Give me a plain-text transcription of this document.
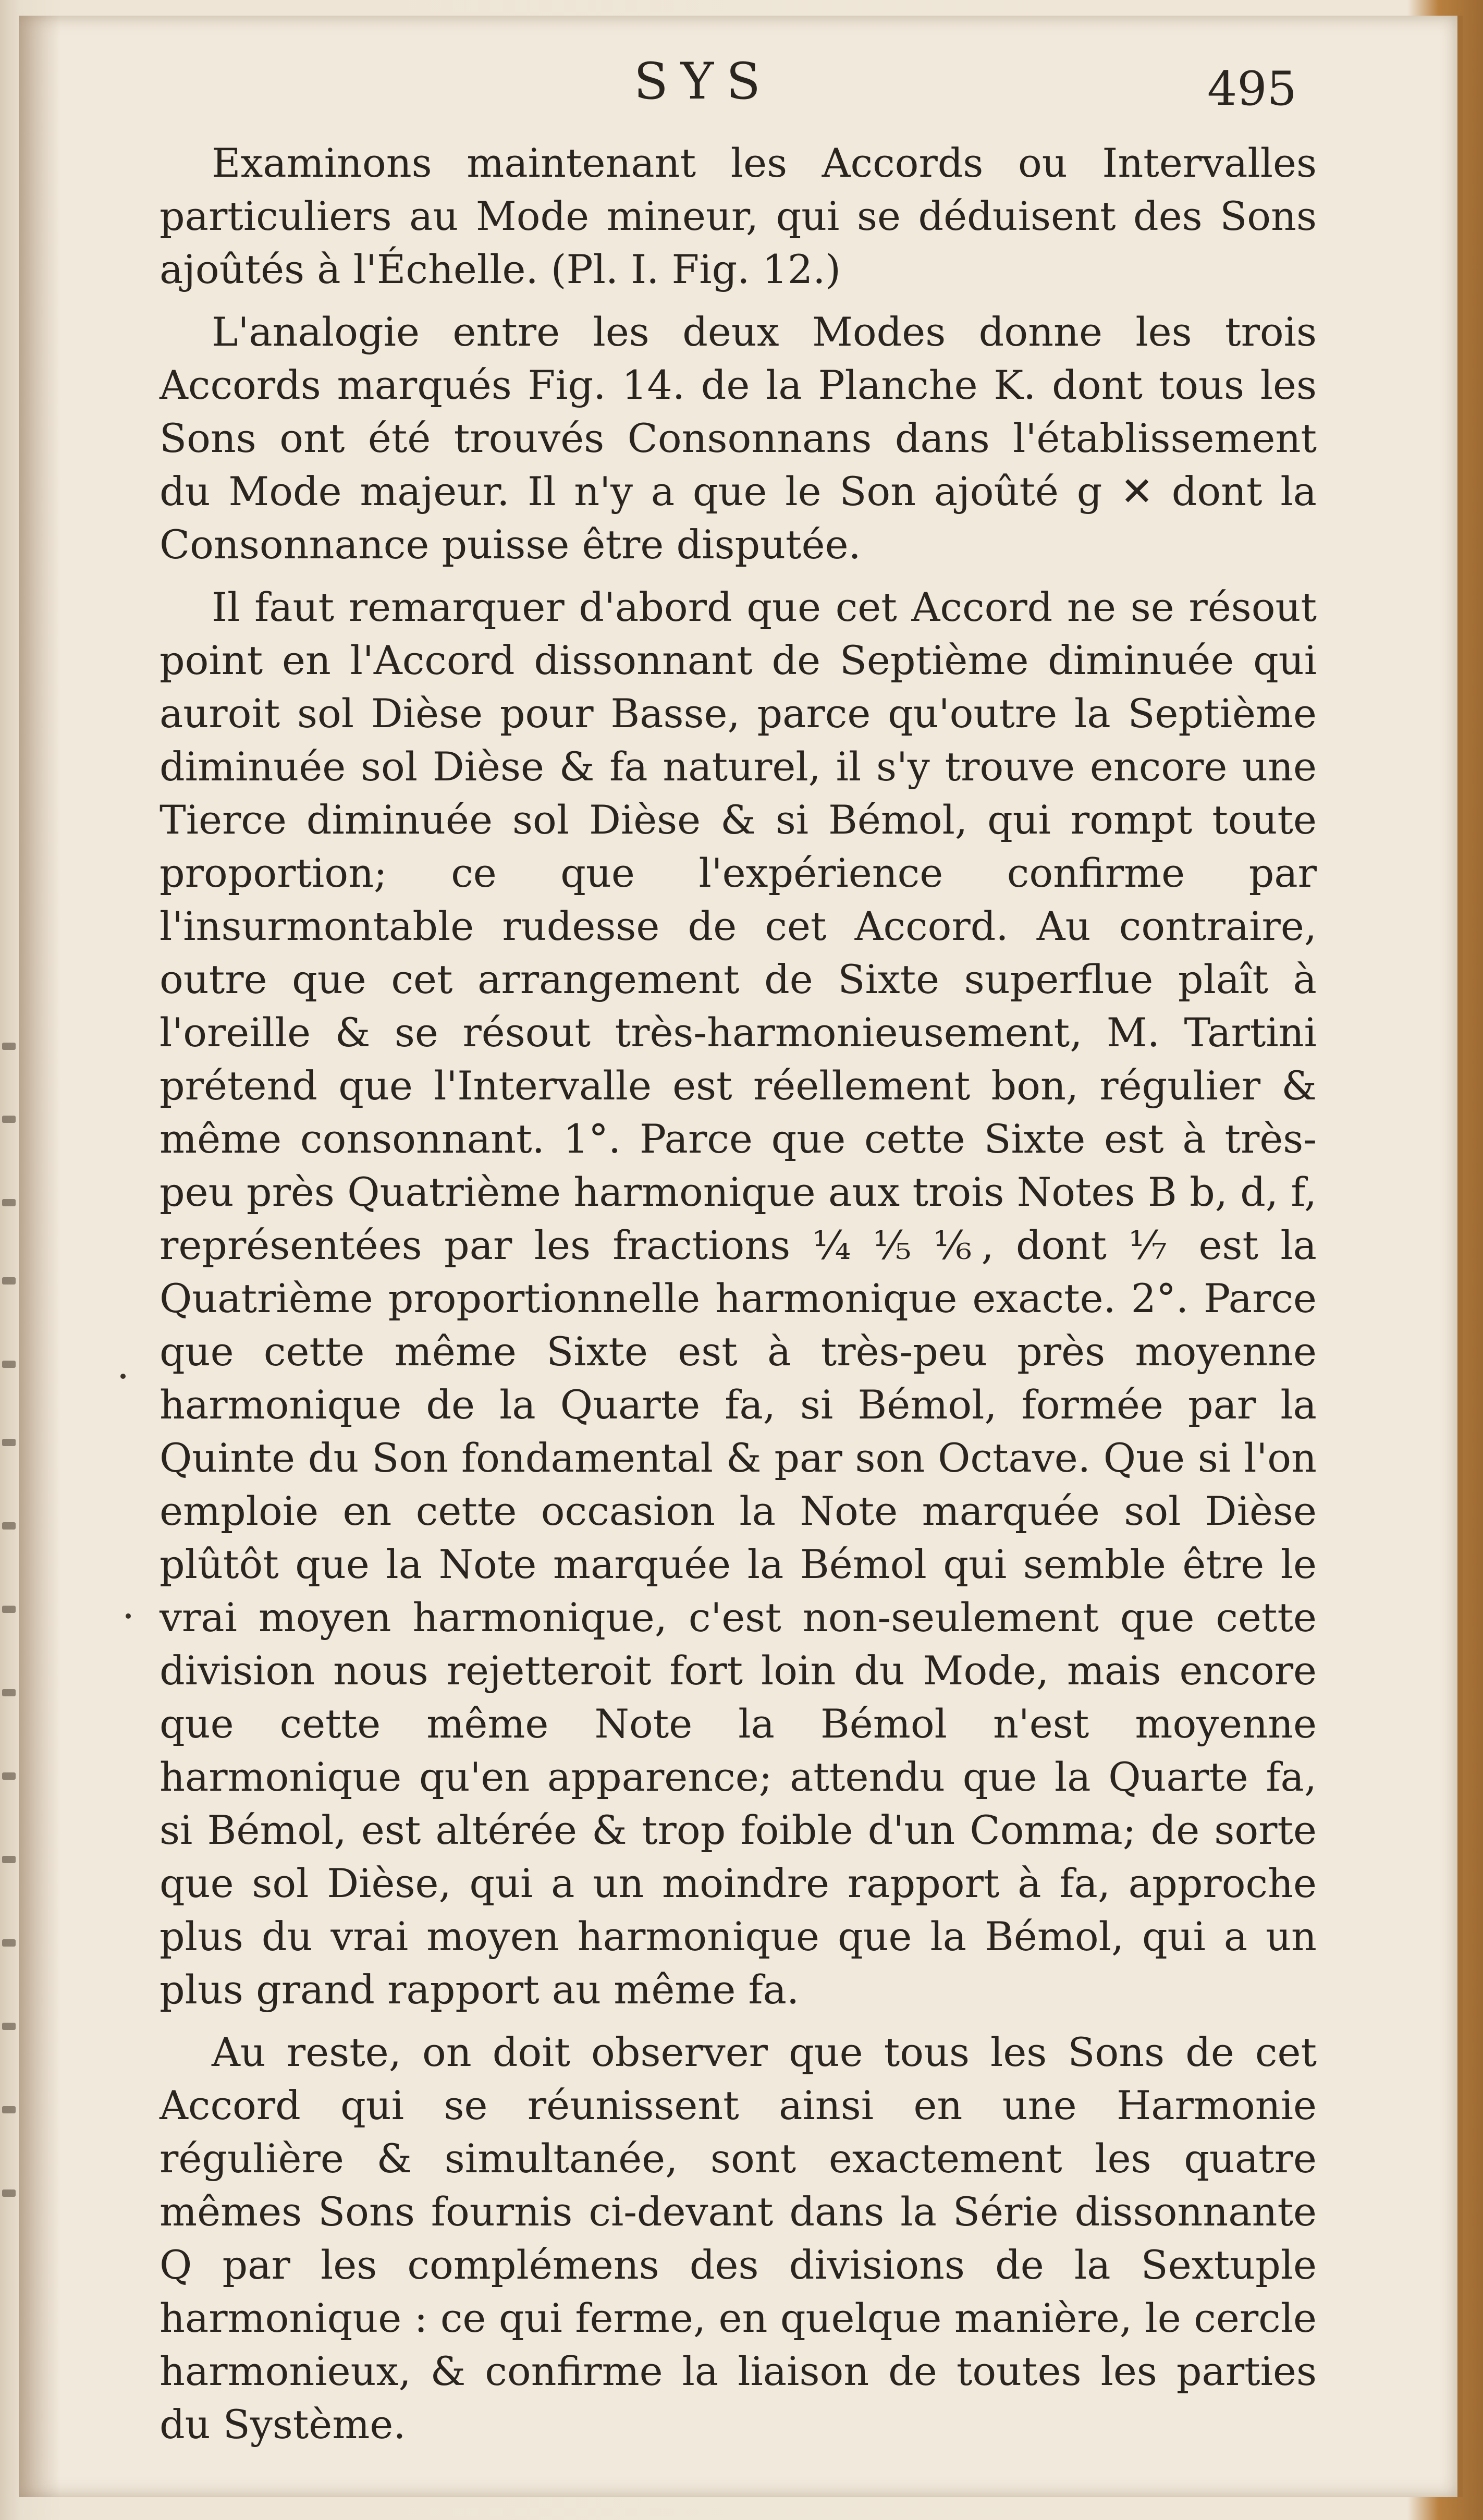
SYS	495

Examinons maintenant les Accords ou Intervalles particuliers au Mode mineur, qui se déduisent des Sons ajoûtés à l'Échelle. (Pl. I. Fig. 12.)

L'analogie entre les deux Modes donne les trois Accords marqués Fig. 14. de la Planche K. dont tous les Sons ont été trouvés Consonnans dans l'établissement du Mode majeur. Il n'y a que le Son ajoûté g ✕ dont la Consonnance puisse être disputée.

Il faut remarquer d'abord que cet Accord ne se résout point en l'Accord dissonnant de Septième diminuée qui auroit sol Dièse pour Basse, parce qu'outre la Septième diminuée sol Dièse & fa naturel, il s'y trouve encore une Tierce diminuée sol Dièse & si Bémol, qui rompt toute proportion; ce que l'expérience confirme par l'insurmontable rudesse de cet Accord. Au contraire, outre que cet arrangement de Sixte superflue plaît à l'oreille & se résout très-harmonieusement, M. Tartini prétend que l'Intervalle est réellement bon, régulier & même consonnant. 1°. Parce que cette Sixte est à très-peu près Quatrième harmonique aux trois Notes B b, d, f, représentées par les fractions ¼ ⅕ ⅙, dont ⅐ est la Quatrième proportionnelle harmonique exacte. 2°. Parce que cette même Sixte est à très-peu près moyenne harmonique de la Quarte fa, si Bémol, formée par la Quinte du Son fondamental & par son Octave. Que si l'on emploie en cette occasion la Note marquée sol Dièse plûtôt que la Note marquée la Bémol qui semble être le vrai moyen harmonique, c'est non-seulement que cette division nous rejetteroit fort loin du Mode, mais encore que cette même Note la Bémol n'est moyenne harmonique qu'en apparence; attendu que la Quarte fa, si Bémol, est altérée & trop foible d'un Comma; de sorte que sol Dièse, qui a un moindre rapport à fa, approche plus du vrai moyen harmonique que la Bémol, qui a un plus grand rapport au même fa.

Au reste, on doit observer que tous les Sons de cet Accord qui se réunissent ainsi en une Harmonie régulière & simultanée, sont exactement les quatre mêmes Sons fournis ci-devant dans la Série dissonnante Q par les complémens des divisions de la Sextuple harmonique : ce qui ferme, en quelque manière, le cercle harmonieux, & confirme la liaison de toutes les parties du Système.
